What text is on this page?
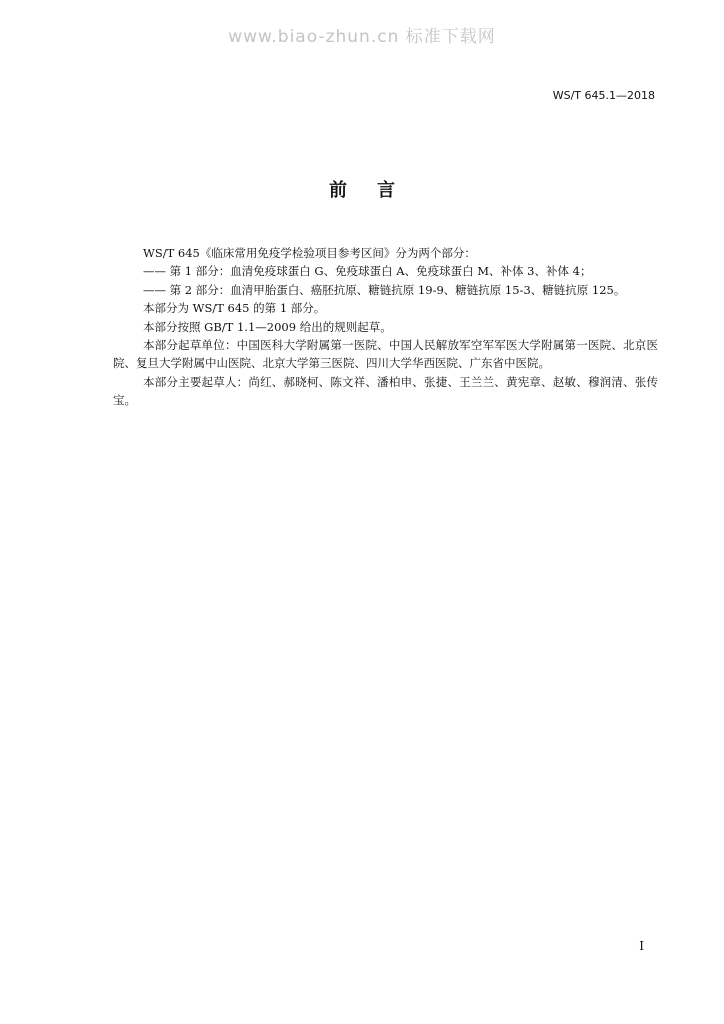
www.biao-zhun.cn 标准下载网
WS/T 645.1—2018
前言

WS/T 645《临床常用免疫学检验项目参考区间》分为两个部分：

—— 第 1 部分：血清免疫球蛋白 G、免疫球蛋白 A、免疫球蛋白 M、补体 3、补体 4；

—— 第 2 部分：血清甲胎蛋白、癌胚抗原、糖链抗原 19-9、糖链抗原 15-3、糖链抗原 125。

本部分为 WS/T 645 的第 1 部分。

本部分按照 GB/T 1.1—2009 给出的规则起草。

本部分起草单位：中国医科大学附属第一医院、中国人民解放军空军军医大学附属第一医院、北京医院、复旦大学附属中山医院、北京大学第三医院、四川大学华西医院、广东省中医院。

本部分主要起草人：尚红、郝晓柯、陈文祥、潘柏申、张捷、王兰兰、黄宪章、赵敏、穆润清、张传宝。

I
